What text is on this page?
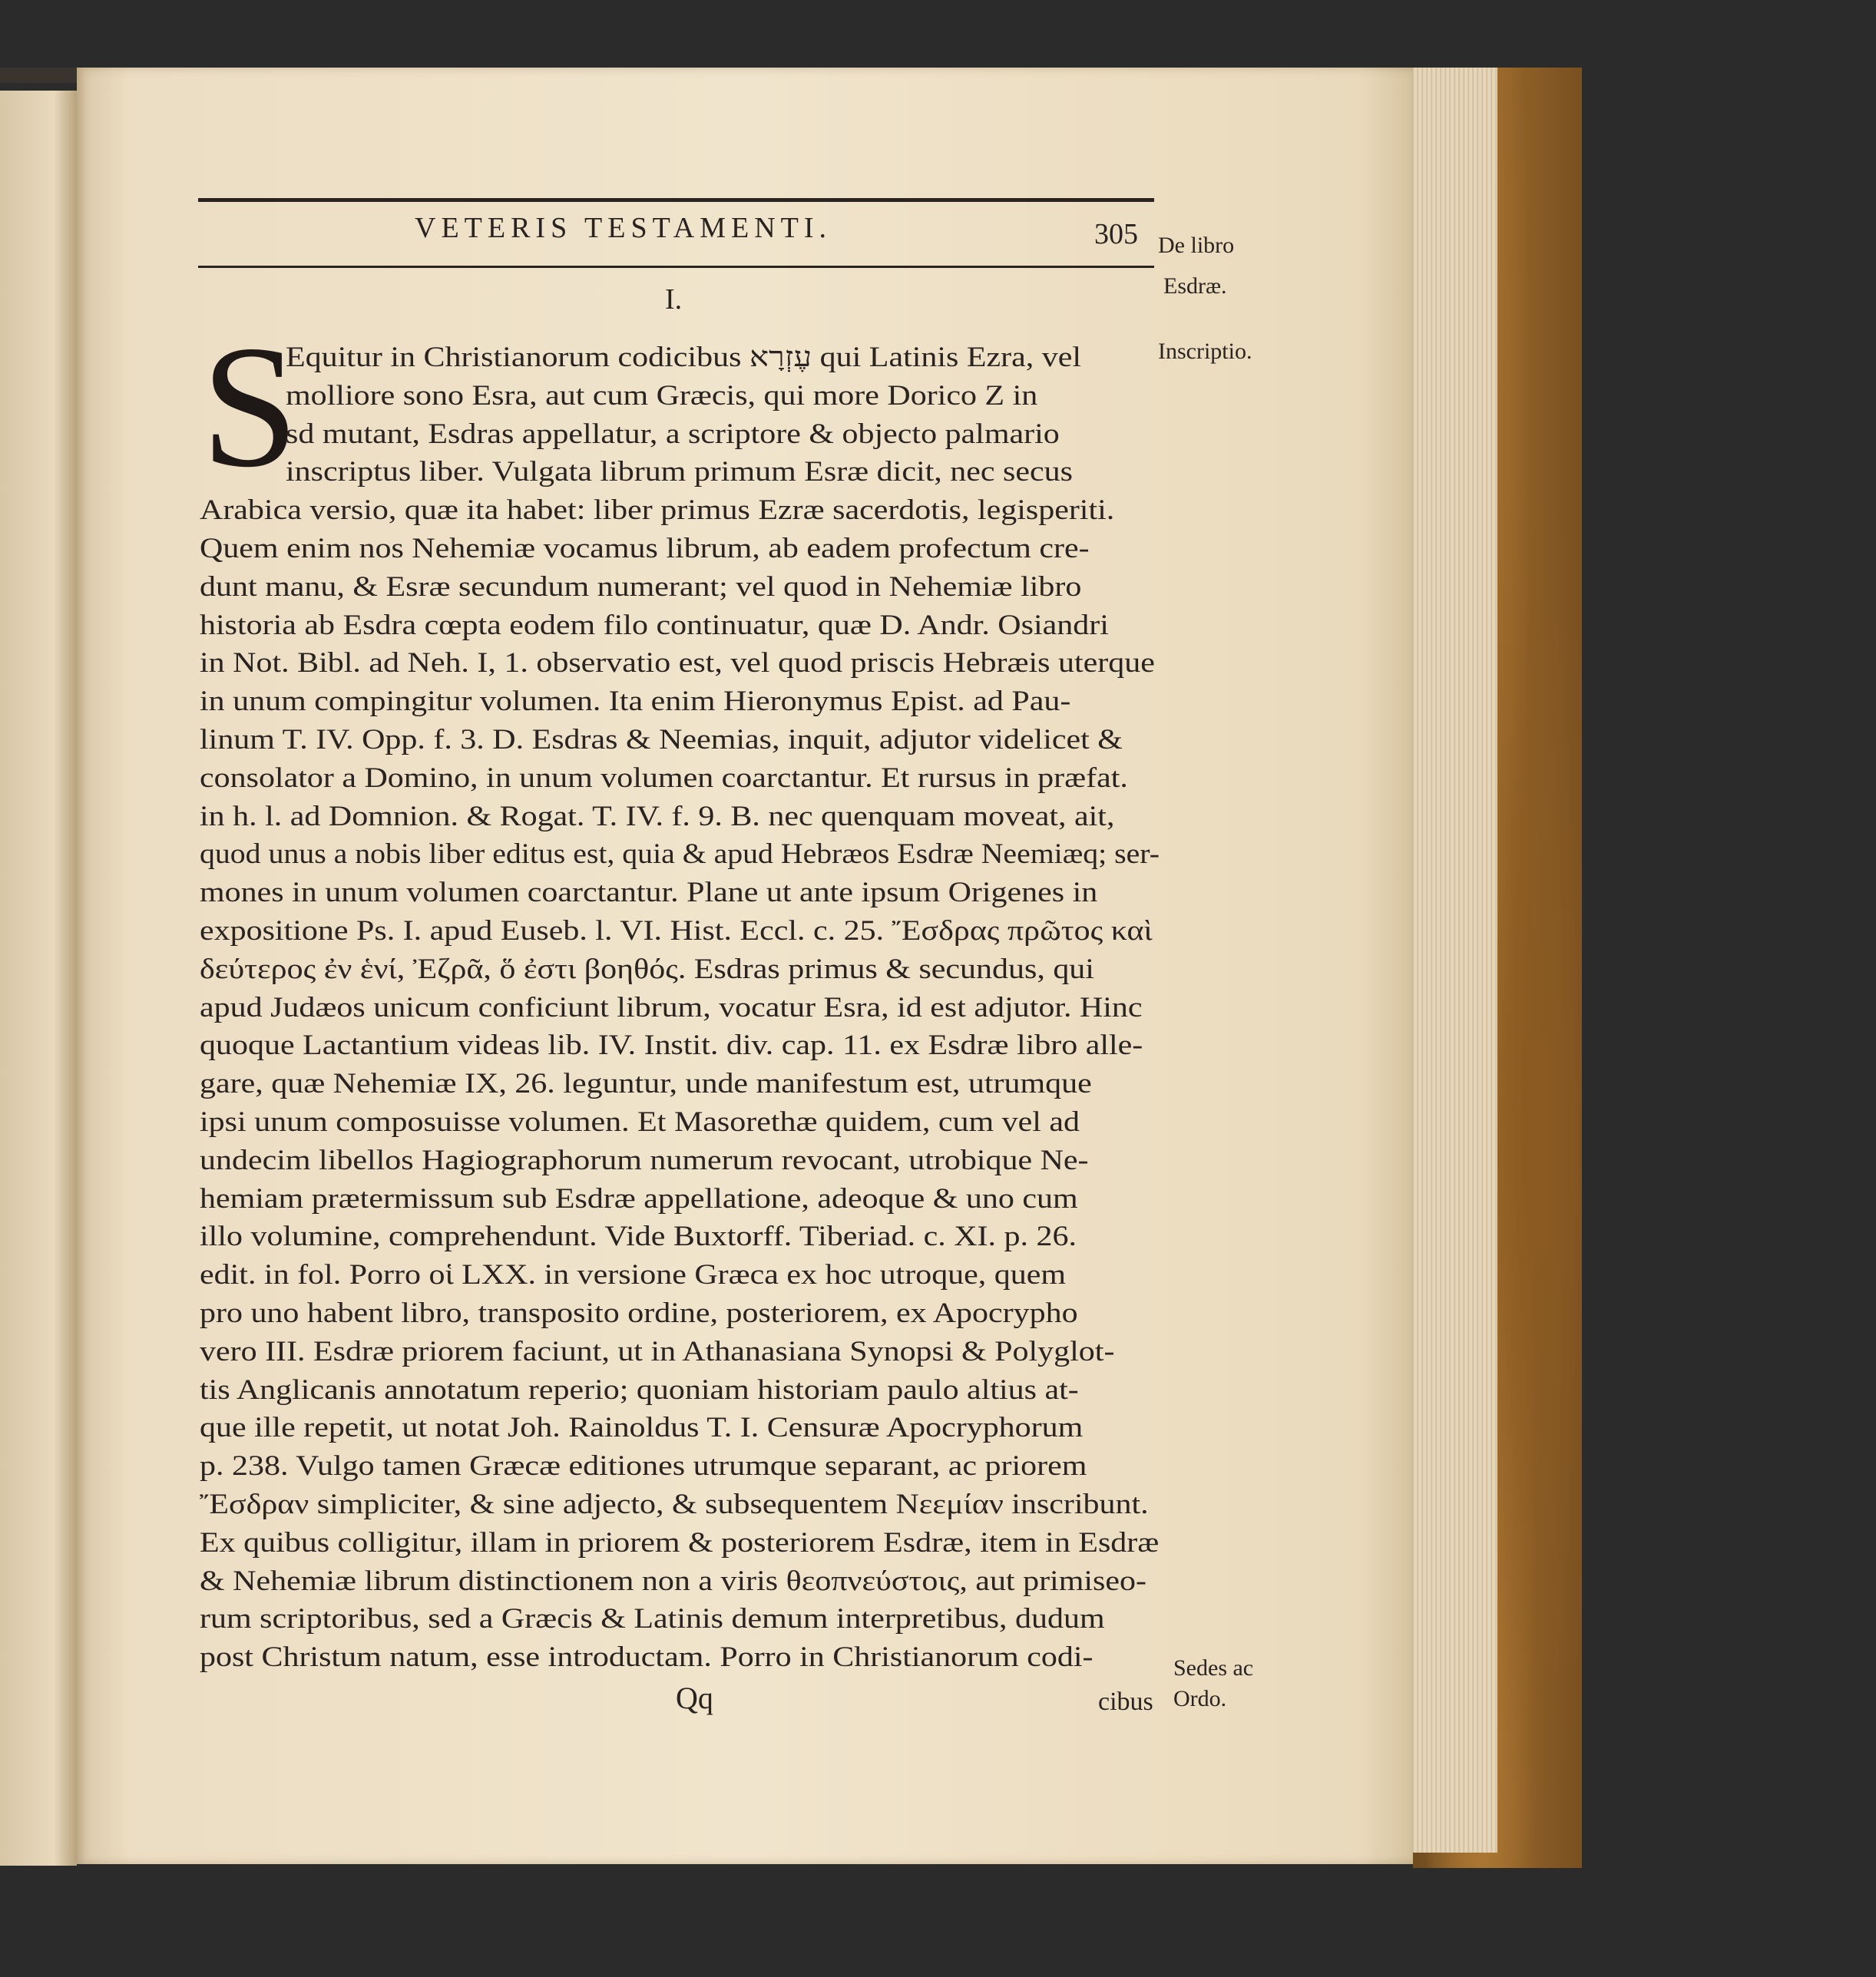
VETERIS TESTAMENTI.	305
I.
S
Equitur in Christianorum codicibus עֶזְרָא qui Latinis Ezra, vel
molliore sono Esra, aut cum Græcis, qui more Dorico Z in
sd mutant, Esdras appellatur, a scriptore & objecto palmario
inscriptus liber. Vulgata librum primum Esræ dicit, nec secus
Arabica versio, quæ ita habet: liber primus Ezræ sacerdotis, legisperiti.
Quem enim nos Nehemiæ vocamus librum, ab eadem profectum cre-
dunt manu, & Esræ secundum numerant; vel quod in Nehemiæ libro
historia ab Esdra cœpta eodem filo continuatur, quæ D. Andr. Osiandri
in Not. Bibl. ad Neh. I, 1. observatio est, vel quod priscis Hebræis uterque
in unum compingitur volumen. Ita enim Hieronymus Epist. ad Pau-
linum T. IV. Opp. f. 3. D. Esdras & Neemias, inquit, adjutor videlicet &
consolator a Domino, in unum volumen coarctantur. Et rursus in præfat.
in h. l. ad Domnion. & Rogat. T. IV. f. 9. B. nec quenquam moveat, ait,
quod unus a nobis liber editus est, quia & apud Hebræos Esdræ Neemiæq; ser-
mones in unum volumen coarctantur. Plane ut ante ipsum Origenes in
expositione Ps. I. apud Euseb. l. VI. Hist. Eccl. c. 25. Ἔσδρας πρῶτος καὶ
δεύτερος ἐν ἑνί, Ἐζρᾶ, ὅ ἐστι βοηθός. Esdras primus & secundus, qui
apud Judæos unicum conficiunt librum, vocatur Esra, id est adjutor. Hinc
quoque Lactantium videas lib. IV. Instit. div. cap. 11. ex Esdræ libro alle-
gare, quæ Nehemiæ IX, 26. leguntur, unde manifestum est, utrumque
ipsi unum composuisse volumen. Et Masorethæ quidem, cum vel ad
undecim libellos Hagiographorum numerum revocant, utrobique Ne-
hemiam prætermissum sub Esdræ appellatione, adeoque & uno cum
illo volumine, comprehendunt. Vide Buxtorff. Tiberiad. c. XI. p. 26.
edit. in fol. Porro οἱ LXX. in versione Græca ex hoc utroque, quem
pro uno habent libro, transposito ordine, posteriorem, ex Apocrypho
vero III. Esdræ priorem faciunt, ut in Athanasiana Synopsi & Polyglot-
tis Anglicanis annotatum reperio; quoniam historiam paulo altius at-
que ille repetit, ut notat Joh. Rainoldus T. I. Censuræ Apocryphorum
p. 238. Vulgo tamen Græcæ editiones utrumque separant, ac priorem
Ἔσδραν simpliciter, & sine adjecto, & subsequentem Νεεμίαν inscribunt.
Ex quibus colligitur, illam in priorem & posteriorem Esdræ, item in Esdræ
& Nehemiæ librum distinctionem non a viris θεοπνεύστοις, aut primiseo-
rum scriptoribus, sed a Græcis & Latinis demum interpretibus, dudum
post Christum natum, esse introductam. Porro in Christianorum codi-
De libro
Esdræ.
Inscriptio.
Sedes ac
Ordo.
Qq	cibus
